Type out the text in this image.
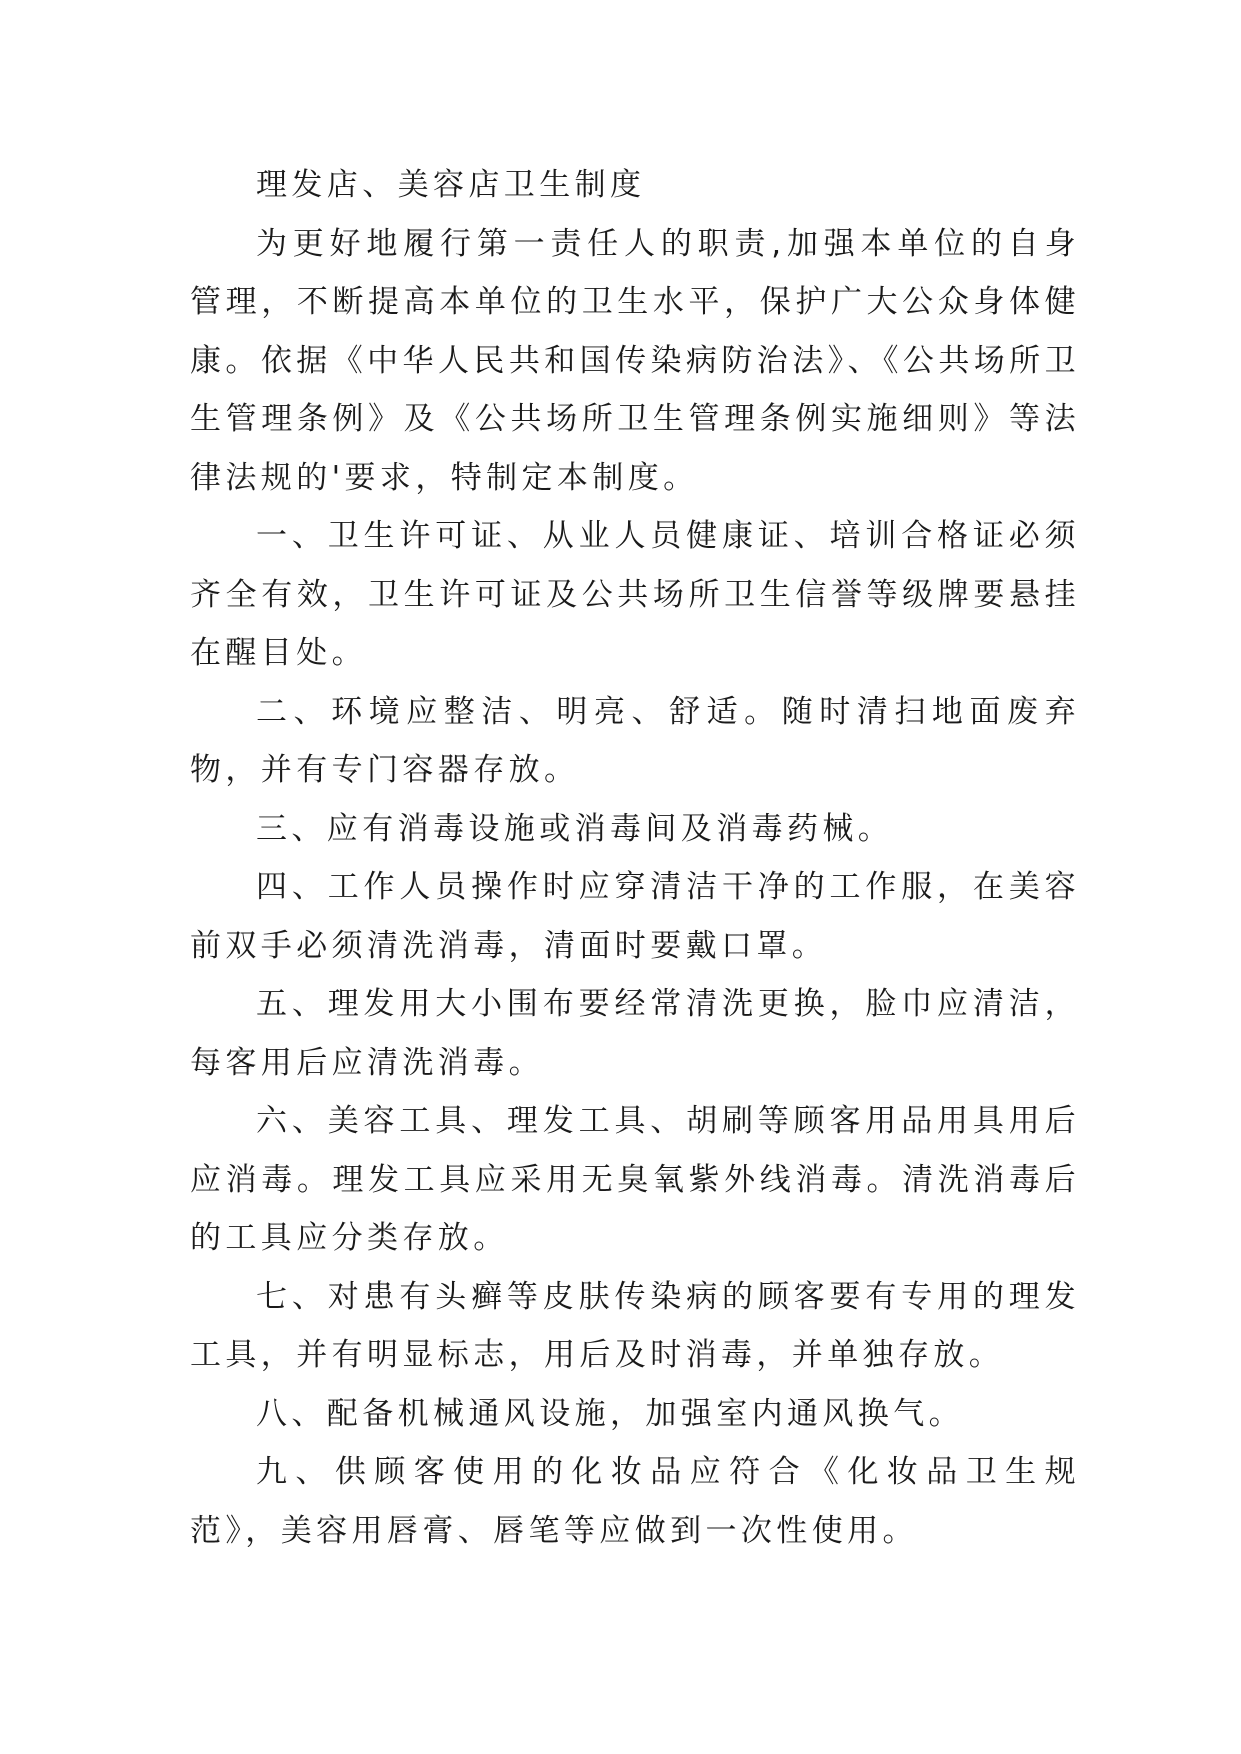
理发店、美容店卫生制度

为更好地履行第一责任人的职责,加强本单位的自身管理，不断提高本单位的卫生水平，保护广大公众身体健康。依据《中华人民共和国传染病防治法》、《公共场所卫生管理条例》及《公共场所卫生管理条例实施细则》等法律法规的'要求，特制定本制度。

一、卫生许可证、从业人员健康证、培训合格证必须齐全有效，卫生许可证及公共场所卫生信誉等级牌要悬挂在醒目处。

二、环境应整洁、明亮、舒适。随时清扫地面废弃物，并有专门容器存放。

三、应有消毒设施或消毒间及消毒药械。

四、工作人员操作时应穿清洁干净的工作服，在美容前双手必须清洗消毒，清面时要戴口罩。

五、理发用大小围布要经常清洗更换，脸巾应清洁，每客用后应清洗消毒。

六、美容工具、理发工具、胡刷等顾客用品用具用后应消毒。理发工具应采用无臭氧紫外线消毒。清洗消毒后的工具应分类存放。

七、对患有头癣等皮肤传染病的顾客要有专用的理发工具，并有明显标志，用后及时消毒，并单独存放。

八、配备机械通风设施，加强室内通风换气。

九、供顾客使用的化妆品应符合《化妆品卫生规范》，美容用唇膏、唇笔等应做到一次性使用。
